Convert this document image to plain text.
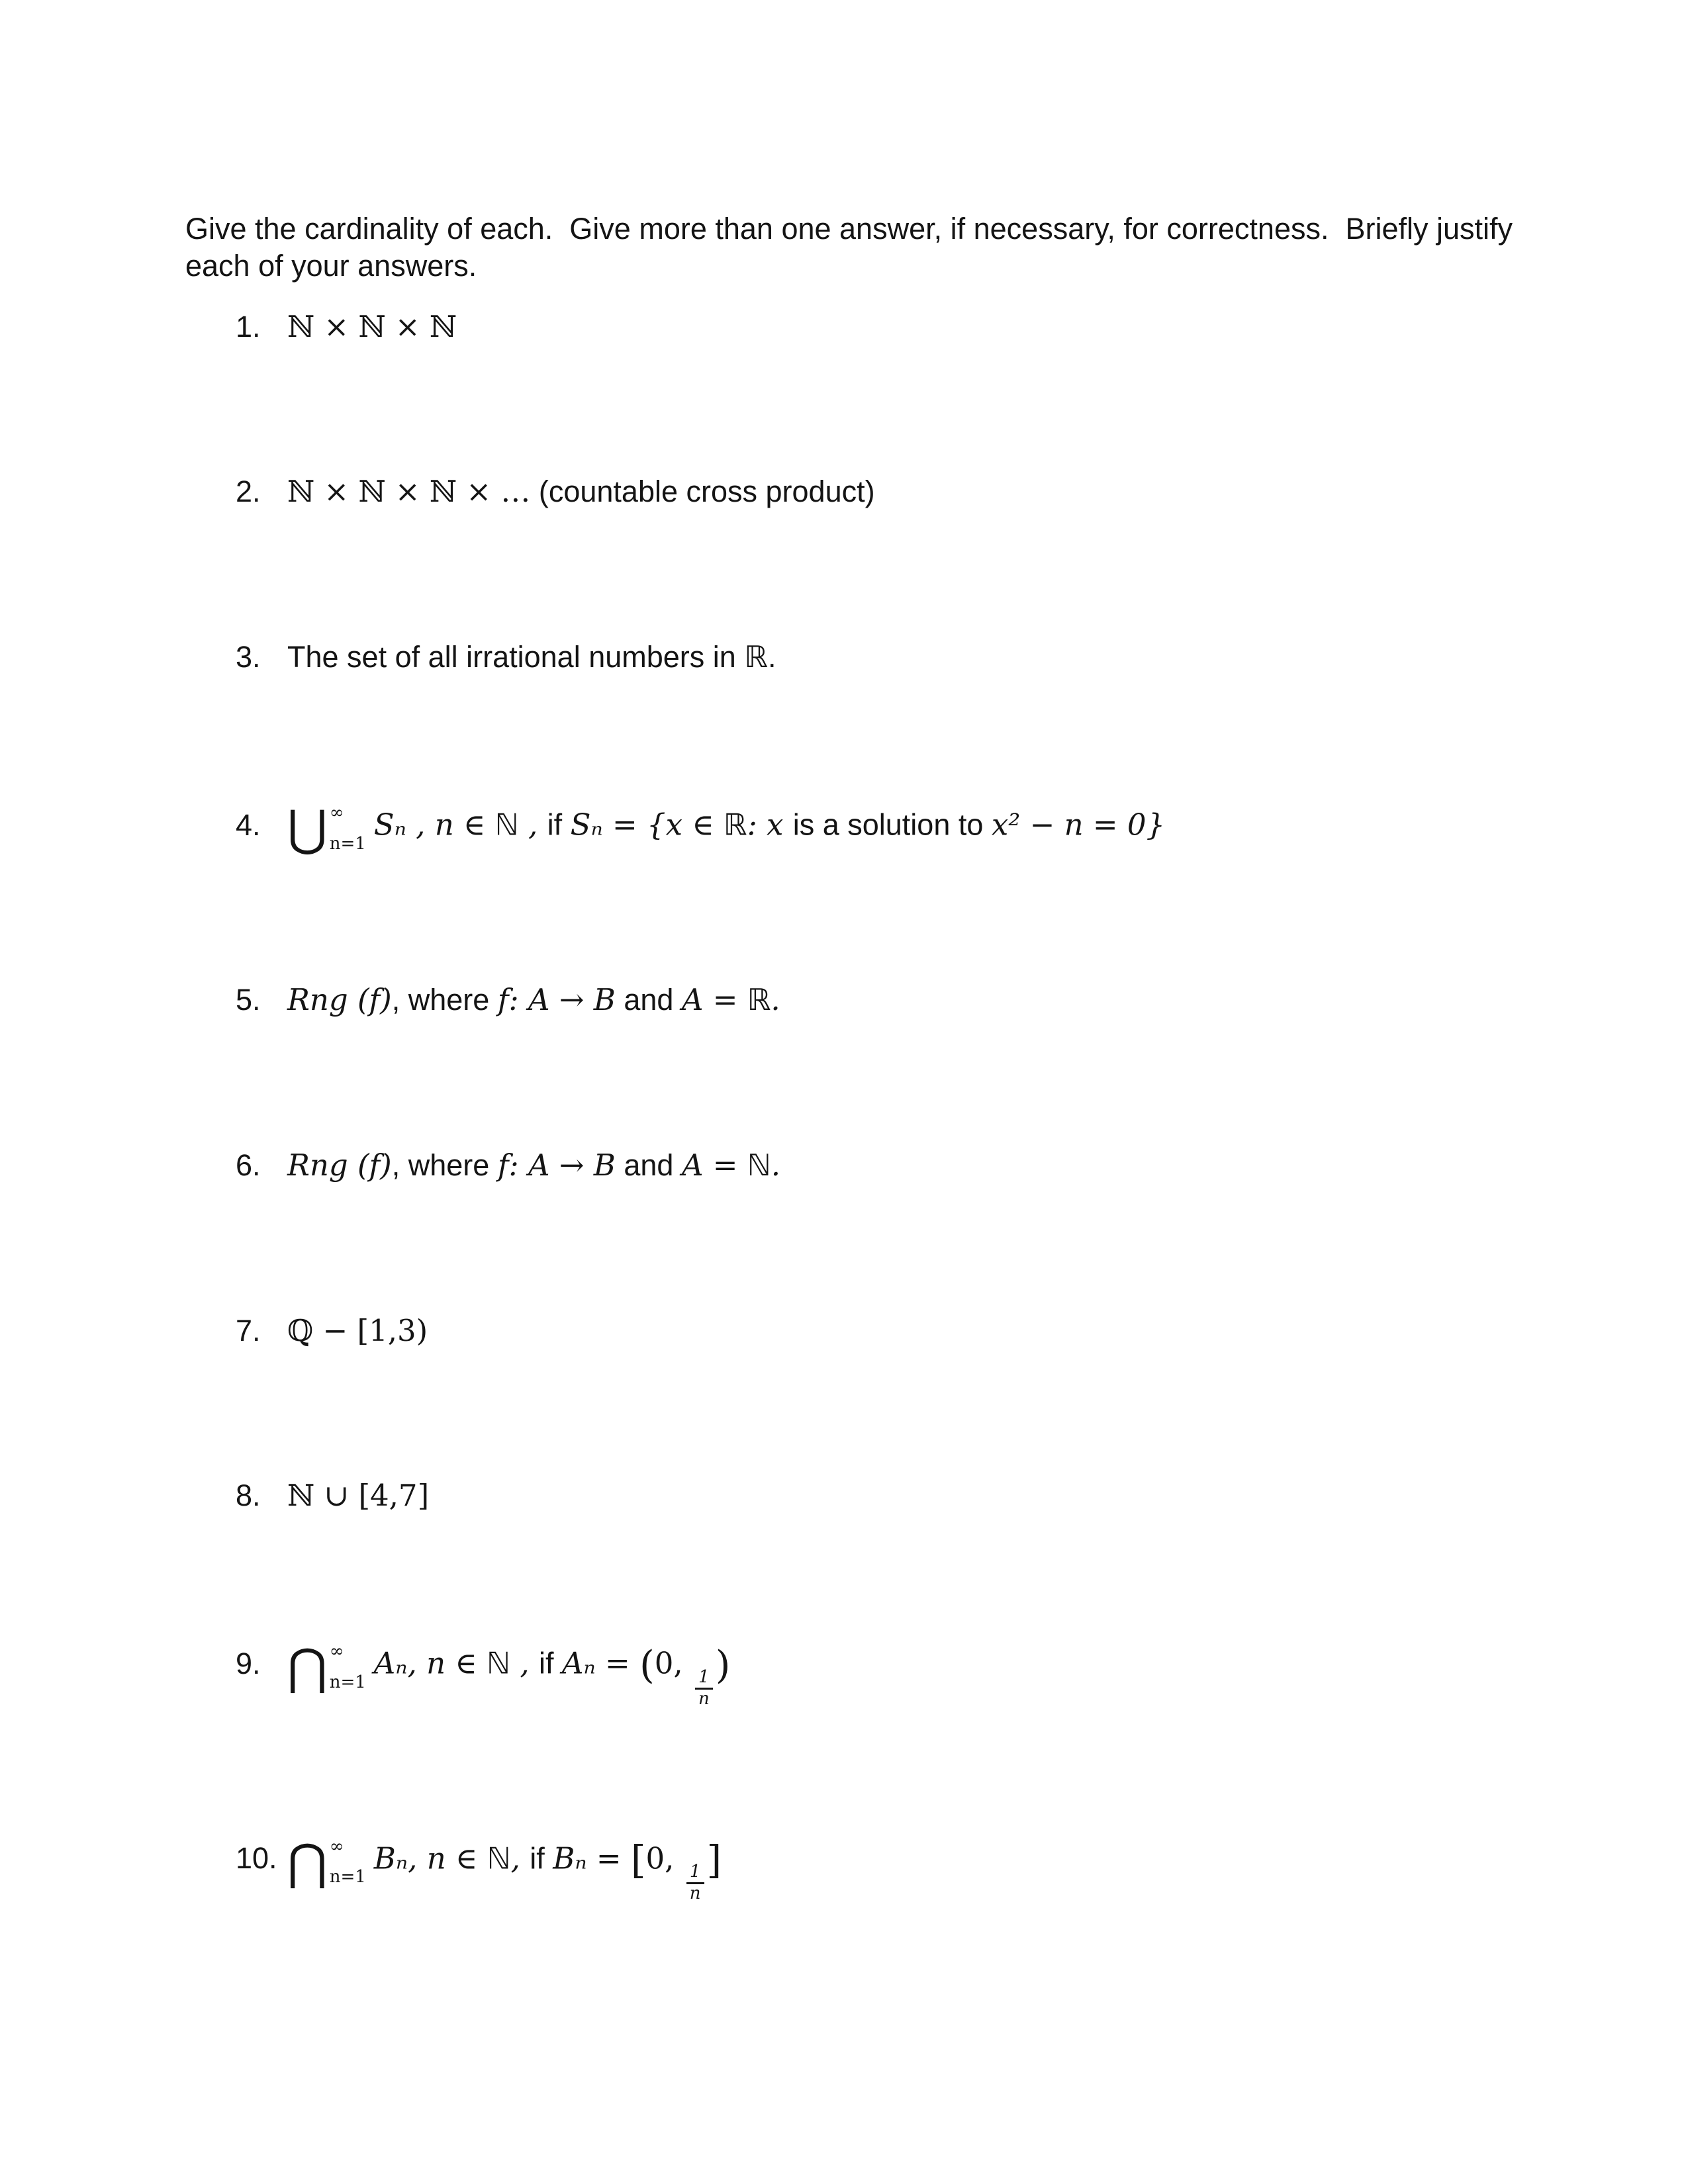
Give the cardinality of each.  Give more than one answer, if necessary, for correctness.  Briefly justify
each of your answers.

1. ℕ × ℕ × ℕ
2. ℕ × ℕ × ℕ × … (countable cross product)
3. The set of all irrational numbers in ℝ.
4. ⋃ ∞
n=1
Sₙ , n ∈ ℕ , if Sₙ = {x ∈ ℝ: x is a solution to x² − n = 0}
5. Rng (f), where f: A → B and A = ℝ.
6. Rng (f), where f: A → B and A = ℕ.
7. ℚ − [1,3)
8. ℕ ∪ [4,7]
9. ⋂ ∞
n=1
Aₙ, n ∈ ℕ , if Aₙ = (0,
$\frac{1}{n}$
)
10. ⋂ ∞
n=1
Bₙ, n ∈ ℕ, if Bₙ = [0,
$\frac{1}{n}$
]
